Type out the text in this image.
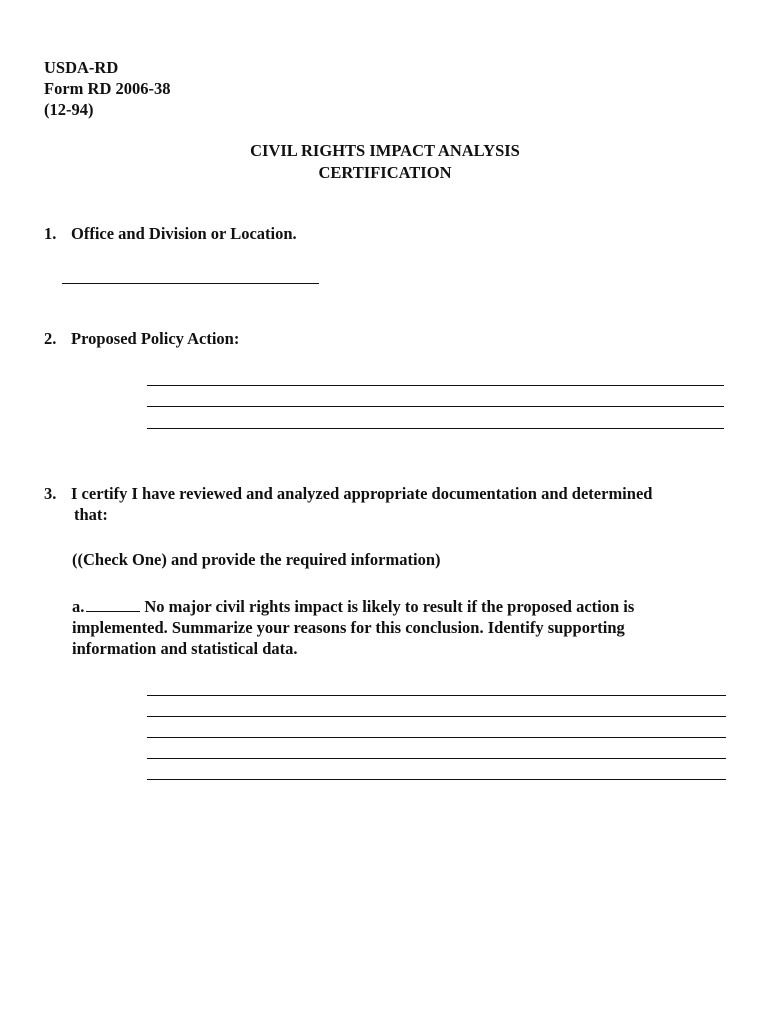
USDA-RD
Form RD 2006-38
(12-94)
CIVIL RIGHTS IMPACT ANALYSIS
CERTIFICATION
1. Office and Division or Location.
2. Proposed Policy Action:
3. I certify I have reviewed and analyzed appropriate documentation and determined
that:
((Check One) and provide the required information)
a.	No major civil rights impact is likely to result if the proposed action is
implemented. Summarize your reasons for this conclusion. Identify supporting
information and statistical data.
